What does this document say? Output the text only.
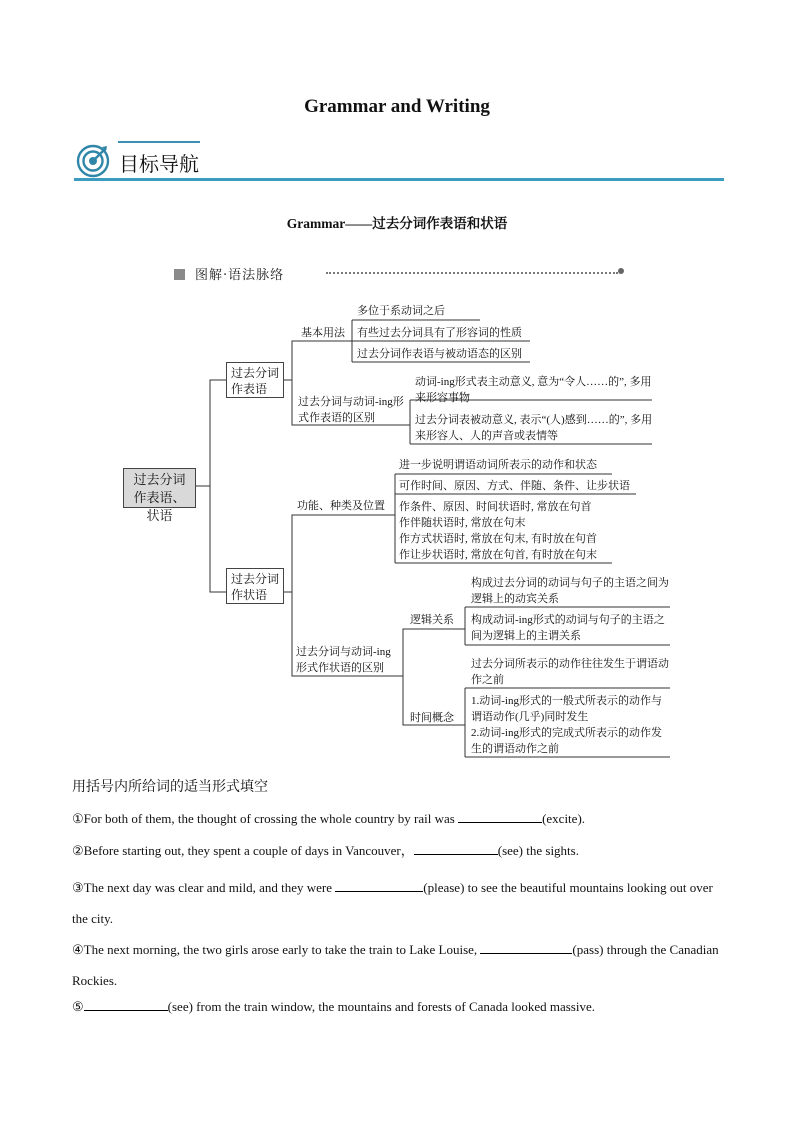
Grammar and Writing
目标导航
Grammar——过去分词作表语和状语
图解·语法脉络
过去分词作表语、状语
过去分词作表语
过去分词作状语
基本用法
多位于系动词之后
有些过去分词具有了形容词的性质
过去分词作表语与被动语态的区别
过去分词与动词-ing形式作表语的区别
动词-ing形式表主动意义, 意为“令人……的”, 多用来形容事物
过去分词表被动意义, 表示“(人)感到……的”, 多用来形容人、人的声音或表情等
功能、种类及位置
进一步说明谓语动词所表示的动作和状态
可作时间、原因、方式、伴随、条件、让步状语
作条件、原因、时间状语时, 常放在句首
作伴随状语时, 常放在句末
作方式状语时, 常放在句末, 有时放在句首
作让步状语时, 常放在句首, 有时放在句末
过去分词与动词-ing形式作状语的区别
逻辑关系
构成过去分词的动词与句子的主语之间为逻辑上的动宾关系
构成动词-ing形式的动词与句子的主语之间为逻辑上的主谓关系
时间概念
过去分词所表示的动作往往发生于谓语动作之前
1.动词-ing形式的一般式所表示的动作与谓语动作(几乎)同时发生
2.动词-ing形式的完成式所表示的动作发生的谓语动作之前
用括号内所给词的适当形式填空
①For both of them, the thought of crossing the whole country by rail was	(excite).
②Before starting out, they spent a couple of days in Vancouver，	(see) the sights.
③The next day was clear and mild, and they were	(please) to see the beautiful mountains looking out over the city.
④The next morning, the two girls arose early to take the train to Lake Louise,	(pass) through the Canadian Rockies.
⑤	(see) from the train window, the mountains and forests of Canada looked massive.
